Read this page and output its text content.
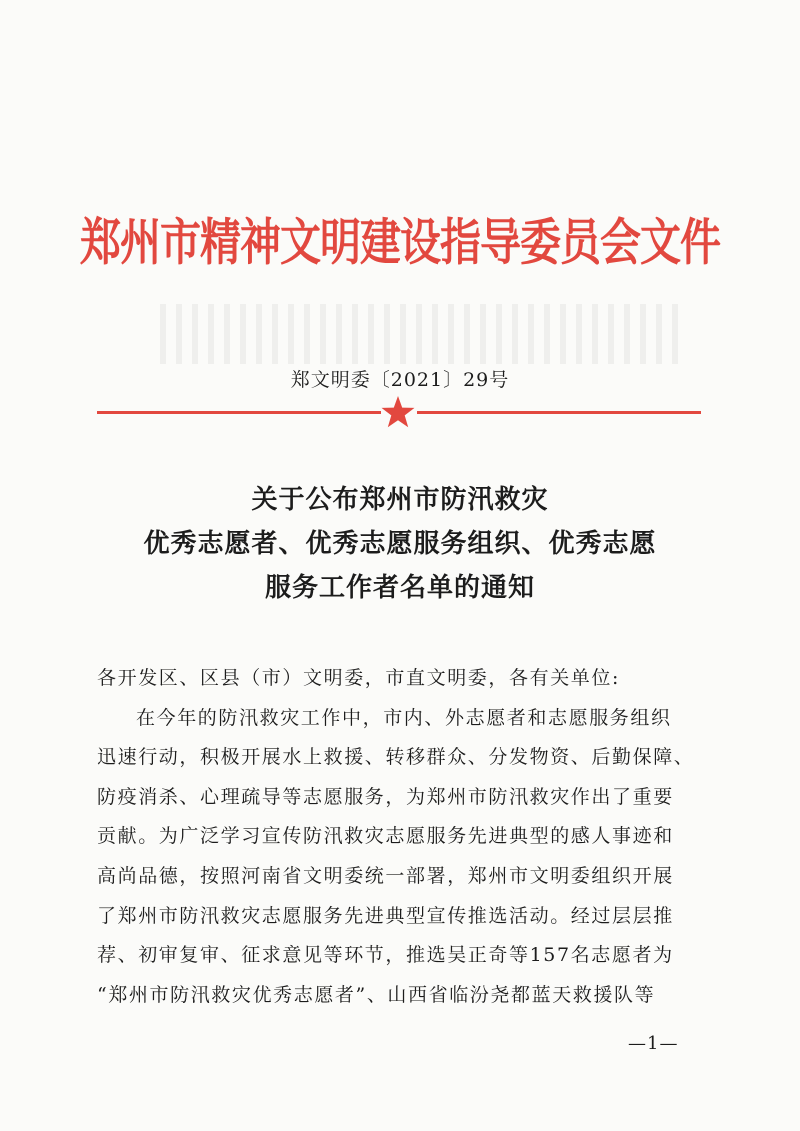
郑州市精神文明建设指导委员会文件
郑文明委〔2021〕29号
关于公布郑州市防汛救灾
优秀志愿者、优秀志愿服务组织、优秀志愿
服务工作者名单的通知
各开发区、区县（市）文明委，市直文明委，各有关单位:
在今年的防汛救灾工作中，市内、外志愿者和志愿服务组织
迅速行动，积极开展水上救援、转移群众、分发物资、后勤保障、
防疫消杀、心理疏导等志愿服务，为郑州市防汛救灾作出了重要
贡献。为广泛学习宣传防汛救灾志愿服务先进典型的感人事迹和
高尚品德，按照河南省文明委统一部署，郑州市文明委组织开展
了郑州市防汛救灾志愿服务先进典型宣传推选活动。经过层层推
荐、初审复审、征求意见等环节，推选吴正奇等157名志愿者为
“郑州市防汛救灾优秀志愿者”、山西省临汾尧都蓝天救援队等
—1—
